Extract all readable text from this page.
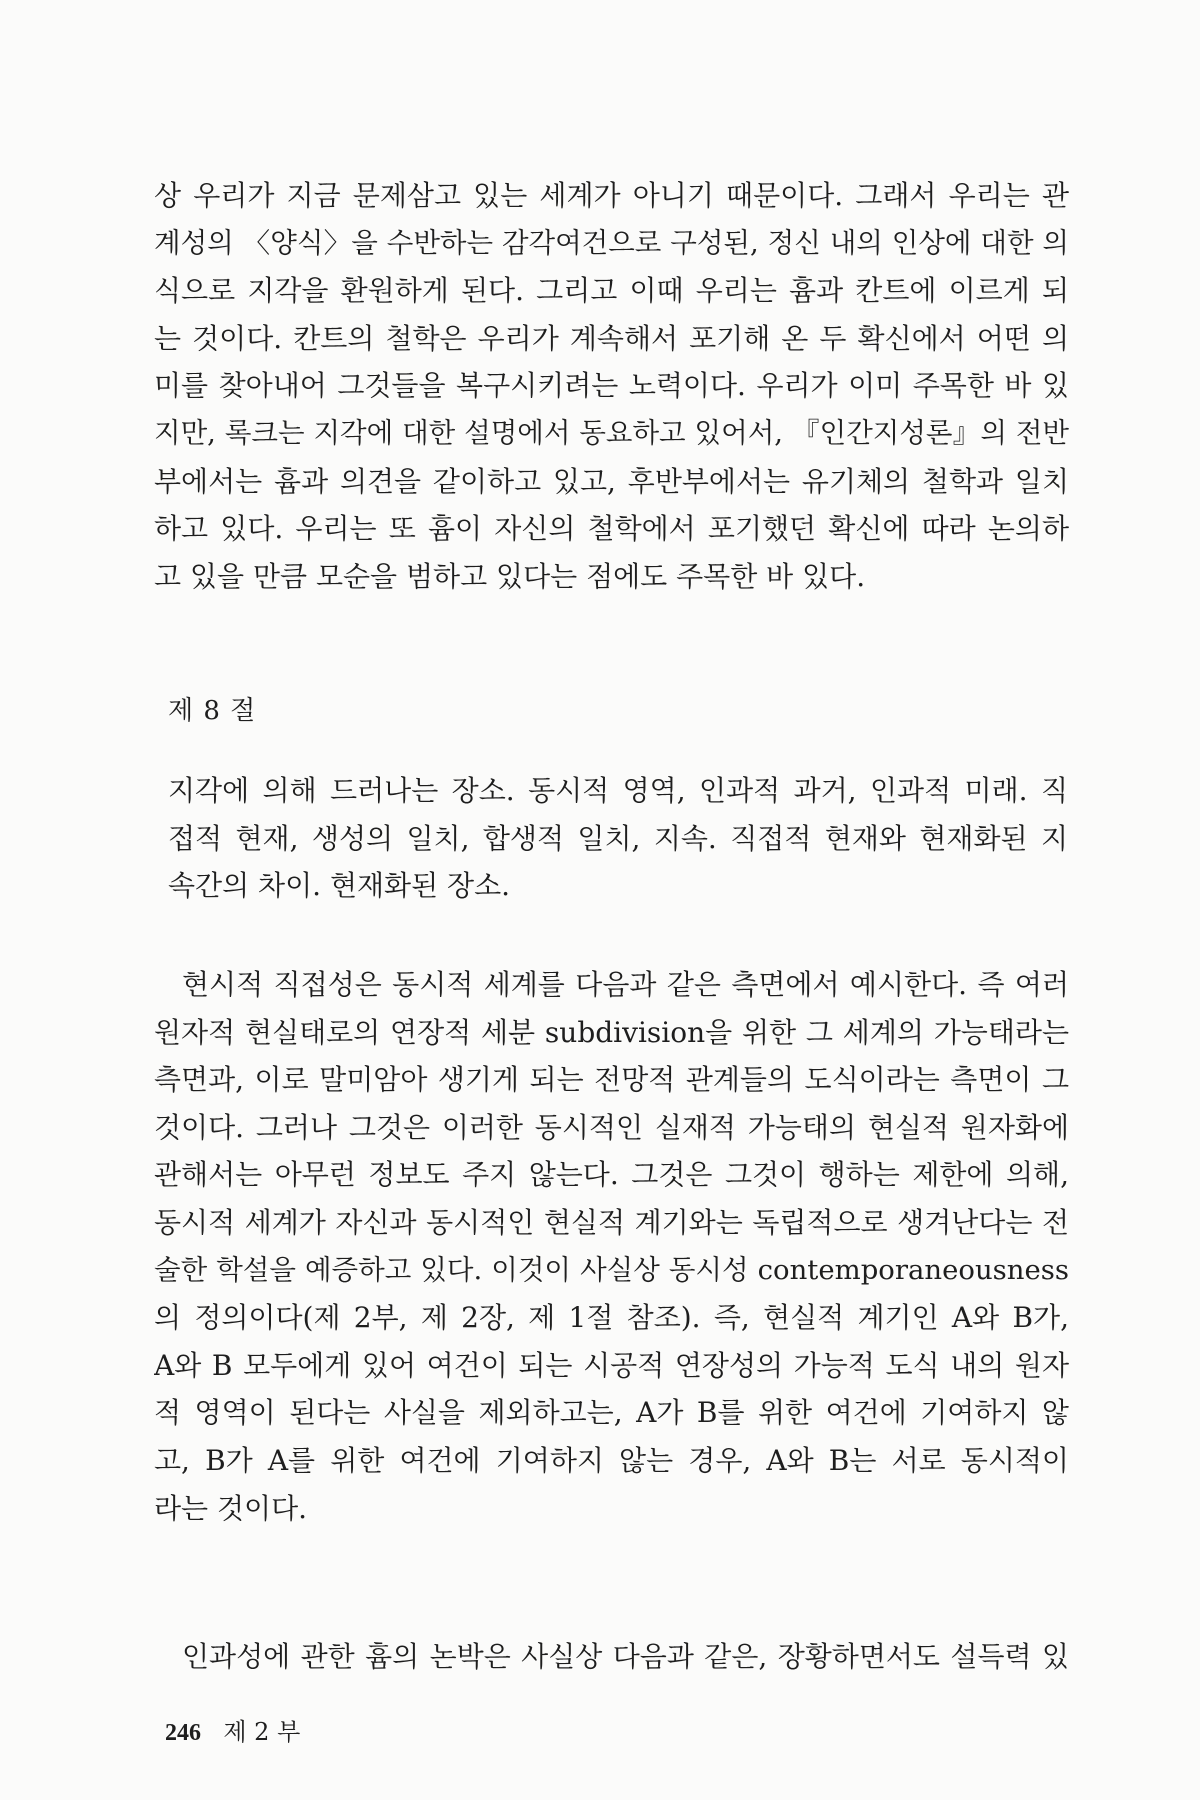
상 우리가 지금 문제삼고 있는 세계가 아니기 때문이다. 그래서 우리는 관
계성의 〈양식〉을 수반하는 감각여건으로 구성된, 정신 내의 인상에 대한 의
식으로 지각을 환원하게 된다. 그리고 이때 우리는 흄과 칸트에 이르게 되
는 것이다. 칸트의 철학은 우리가 계속해서 포기해 온 두 확신에서 어떤 의
미를 찾아내어 그것들을 복구시키려는 노력이다. 우리가 이미 주목한 바 있
지만, 록크는 지각에 대한 설명에서 동요하고 있어서, 『인간지성론』의 전반
부에서는 흄과 의견을 같이하고 있고, 후반부에서는 유기체의 철학과 일치
하고 있다. 우리는 또 흄이 자신의 철학에서 포기했던 확신에 따라 논의하
고 있을 만큼 모순을 범하고 있다는 점에도 주목한 바 있다.
제 8 절
지각에 의해 드러나는 장소. 동시적 영역, 인과적 과거, 인과적 미래. 직
접적 현재, 생성의 일치, 합생적 일치, 지속. 직접적 현재와 현재화된 지
속간의 차이. 현재화된 장소.
현시적 직접성은 동시적 세계를 다음과 같은 측면에서 예시한다. 즉 여러
원자적 현실태로의 연장적 세분 subdivision을 위한 그 세계의 가능태라는
측면과, 이로 말미암아 생기게 되는 전망적 관계들의 도식이라는 측면이 그
것이다. 그러나 그것은 이러한 동시적인 실재적 가능태의 현실적 원자화에
관해서는 아무런 정보도 주지 않는다. 그것은 그것이 행하는 제한에 의해,
동시적 세계가 자신과 동시적인 현실적 계기와는 독립적으로 생겨난다는 전
술한 학설을 예증하고 있다. 이것이 사실상 동시성 contemporaneousness
의 정의이다(제 2부, 제 2장, 제 1절 참조). 즉, 현실적 계기인 A와 B가,
A와 B 모두에게 있어 여건이 되는 시공적 연장성의 가능적 도식 내의 원자
적 영역이 된다는 사실을 제외하고는, A가 B를 위한 여건에 기여하지 않
고, B가 A를 위한 여건에 기여하지 않는 경우, A와 B는 서로 동시적이
라는 것이다.
인과성에 관한 흄의 논박은 사실상 다음과 같은, 장황하면서도 설득력 있
246 제 2 부
